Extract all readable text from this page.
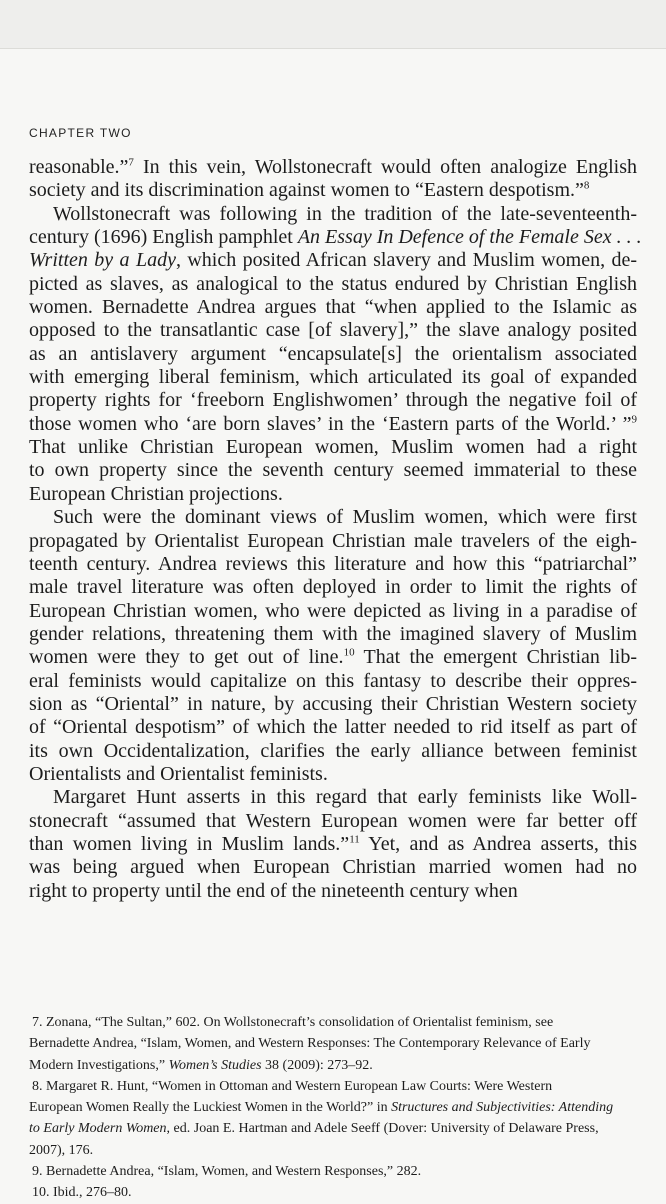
CHAPTER TWO

reasonable.”$^7$ In this vein, Wollstonecraft would often analogize English
society and its discrimination against women to “Eastern despotism.”$^8$

Wollstonecraft was following in the tradition of the late-seventeenth-
century (1696) English pamphlet An Essay In Defence of the Female Sex . . .
Written by a Lady, which posited African slavery and Muslim women, de-
picted as slaves, as analogical to the status endured by Christian English
women. Bernadette Andrea argues that “when applied to the Islamic as
opposed to the transatlantic case [of slavery],” the slave analogy posited
as an antislavery argument “encapsulate[s] the orientalism associated
with emerging liberal feminism, which articulated its goal of expanded
property rights for ‘freeborn Englishwomen’ through the negative foil of
those women who ‘are born slaves’ in the ‘Eastern parts of the World.’ ”$^9$
That unlike Christian European women, Muslim women had a right
to own property since the seventh century seemed immaterial to these
European Christian projections.

Such were the dominant views of Muslim women, which were first
propagated by Orientalist European Christian male travelers of the eigh-
teenth century. Andrea reviews this literature and how this “patriarchal”
male travel literature was often deployed in order to limit the rights of
European Christian women, who were depicted as living in a paradise of
gender relations, threatening them with the imagined slavery of Muslim
women were they to get out of line.$^{10}$ That the emergent Christian lib-
eral feminists would capitalize on this fantasy to describe their oppres-
sion as “Oriental” in nature, by accusing their Christian Western society
of “Oriental despotism” of which the latter needed to rid itself as part of
its own Occidentalization, clarifies the early alliance between feminist
Orientalists and Orientalist feminists.

Margaret Hunt asserts in this regard that early feminists like Woll-
stonecraft “assumed that Western European women were far better off
than women living in Muslim lands.”$^{11}$ Yet, and as Andrea asserts, this
was being argued when European Christian married women had no
right to property until the end of the nineteenth century when

7. Zonana, “The Sultan,” 602. On Wollstonecraft’s consolidation of Orientalist feminism, see
Bernadette Andrea, “Islam, Women, and Western Responses: The Contemporary Relevance of Early
Modern Investigations,” Women’s Studies 38 (2009): 273–92.
8. Margaret R. Hunt, “Women in Ottoman and Western European Law Courts: Were Western
European Women Really the Luckiest Women in the World?” in Structures and Subjectivities: Attending
to Early Modern Women, ed. Joan E. Hartman and Adele Seeff (Dover: University of Delaware Press,
2007), 176.
9. Bernadette Andrea, “Islam, Women, and Western Responses,” 282.
10. Ibid., 276–80.
